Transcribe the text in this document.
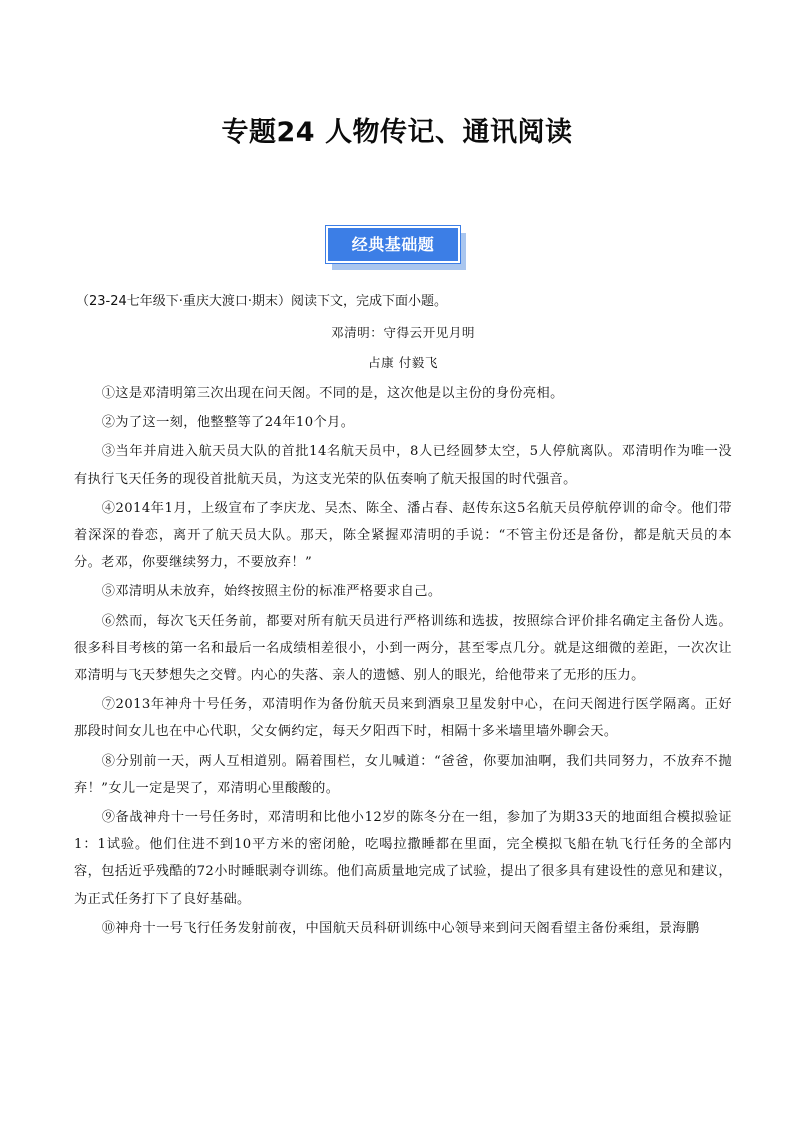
专题24 人物传记、通讯阅读
经典基础题

（23-24七年级下·重庆大渡口·期末）阅读下文，完成下面小题。

邓清明：守得云开见月明

占康 付毅飞

①这是邓清明第三次出现在问天阁。不同的是，这次他是以主份的身份亮相。

②为了这一刻，他整整等了24年10个月。

③当年并肩进入航天员大队的首批14名航天员中，8人已经圆梦太空，5人停航离队。邓清明作为唯一没有执行飞天任务的现役首批航天员，为这支光荣的队伍奏响了航天报国的时代强音。

④2014年1月，上级宣布了李庆龙、吴杰、陈全、潘占春、赵传东这5名航天员停航停训的命令。他们带着深深的眷恋，离开了航天员大队。那天，陈全紧握邓清明的手说：“不管主份还是备份，都是航天员的本分。老邓，你要继续努力，不要放弃！”

⑤邓清明从未放弃，始终按照主份的标准严格要求自己。

⑥然而，每次飞天任务前，都要对所有航天员进行严格训练和选拔，按照综合评价排名确定主备份人选。很多科目考核的第一名和最后一名成绩相差很小，小到一两分，甚至零点几分。就是这细微的差距，一次次让邓清明与飞天梦想失之交臂。内心的失落、亲人的遗憾、别人的眼光，给他带来了无形的压力。

⑦2013年神舟十号任务，邓清明作为备份航天员来到酒泉卫星发射中心，在问天阁进行医学隔离。正好那段时间女儿也在中心代职，父女俩约定，每天夕阳西下时，相隔十多米墙里墙外聊会天。

⑧分别前一天，两人互相道别。隔着围栏，女儿喊道：“爸爸，你要加油啊，我们共同努力，不放弃不抛弃！”女儿一定是哭了，邓清明心里酸酸的。

⑨备战神舟十一号任务时，邓清明和比他小12岁的陈冬分在一组，参加了为期33天的地面组合模拟验证1：1试验。他们住进不到10平方米的密闭舱，吃喝拉撒睡都在里面，完全模拟飞船在轨飞行任务的全部内容，包括近乎残酷的72小时睡眠剥夺训练。他们高质量地完成了试验，提出了很多具有建设性的意见和建议，为正式任务打下了良好基础。

⑩神舟十一号飞行任务发射前夜，中国航天员科研训练中心领导来到问天阁看望主备份乘组，景海鹏
